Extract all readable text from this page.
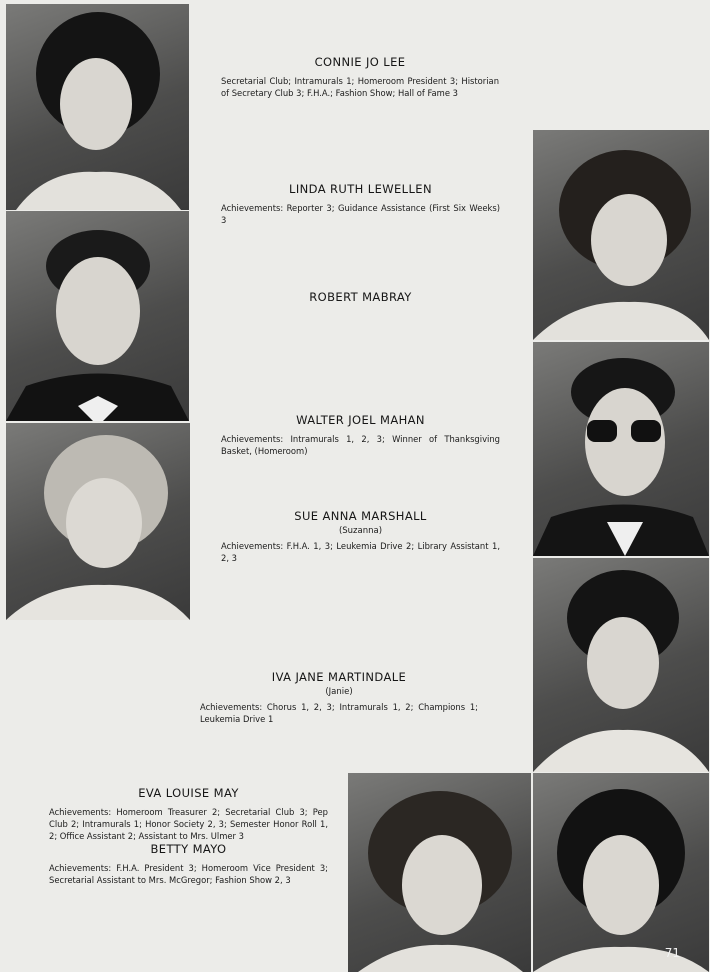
CONNIE JO LEE
Secretarial Club; Intramurals 1; Homeroom President 3; Historian of Secretary Club 3; F.H.A.; Fashion Show; Hall of Fame 3
LINDA RUTH LEWELLEN
Achievements: Reporter 3; Guidance Assistance (First Six Weeks) 3
ROBERT MABRAY
WALTER JOEL MAHAN
Achievements: Intramurals 1, 2, 3; Winner of Thanksgiving Basket, (Homeroom)
SUE ANNA MARSHALL
(Suzanna)
Achievements: F.H.A. 1, 3; Leukemia Drive 2; Library Assistant 1, 2, 3
IVA JANE MARTINDALE
(Janie)
Achievements: Chorus 1, 2, 3; Intramurals 1, 2; Champions 1; Leukemia Drive 1
EVA LOUISE MAY
Achievements: Homeroom Treasurer 2; Secretarial Club 3; Pep Club 2; Intramurals 1; Honor Society 2, 3; Semester Honor Roll 1, 2; Office Assistant 2; Assistant to Mrs. Ulmer 3
BETTY MAYO
Achievements: F.H.A. President 3; Homeroom Vice President 3; Secretarial Assistant to Mrs. McGregor; Fashion Show 2, 3
71
